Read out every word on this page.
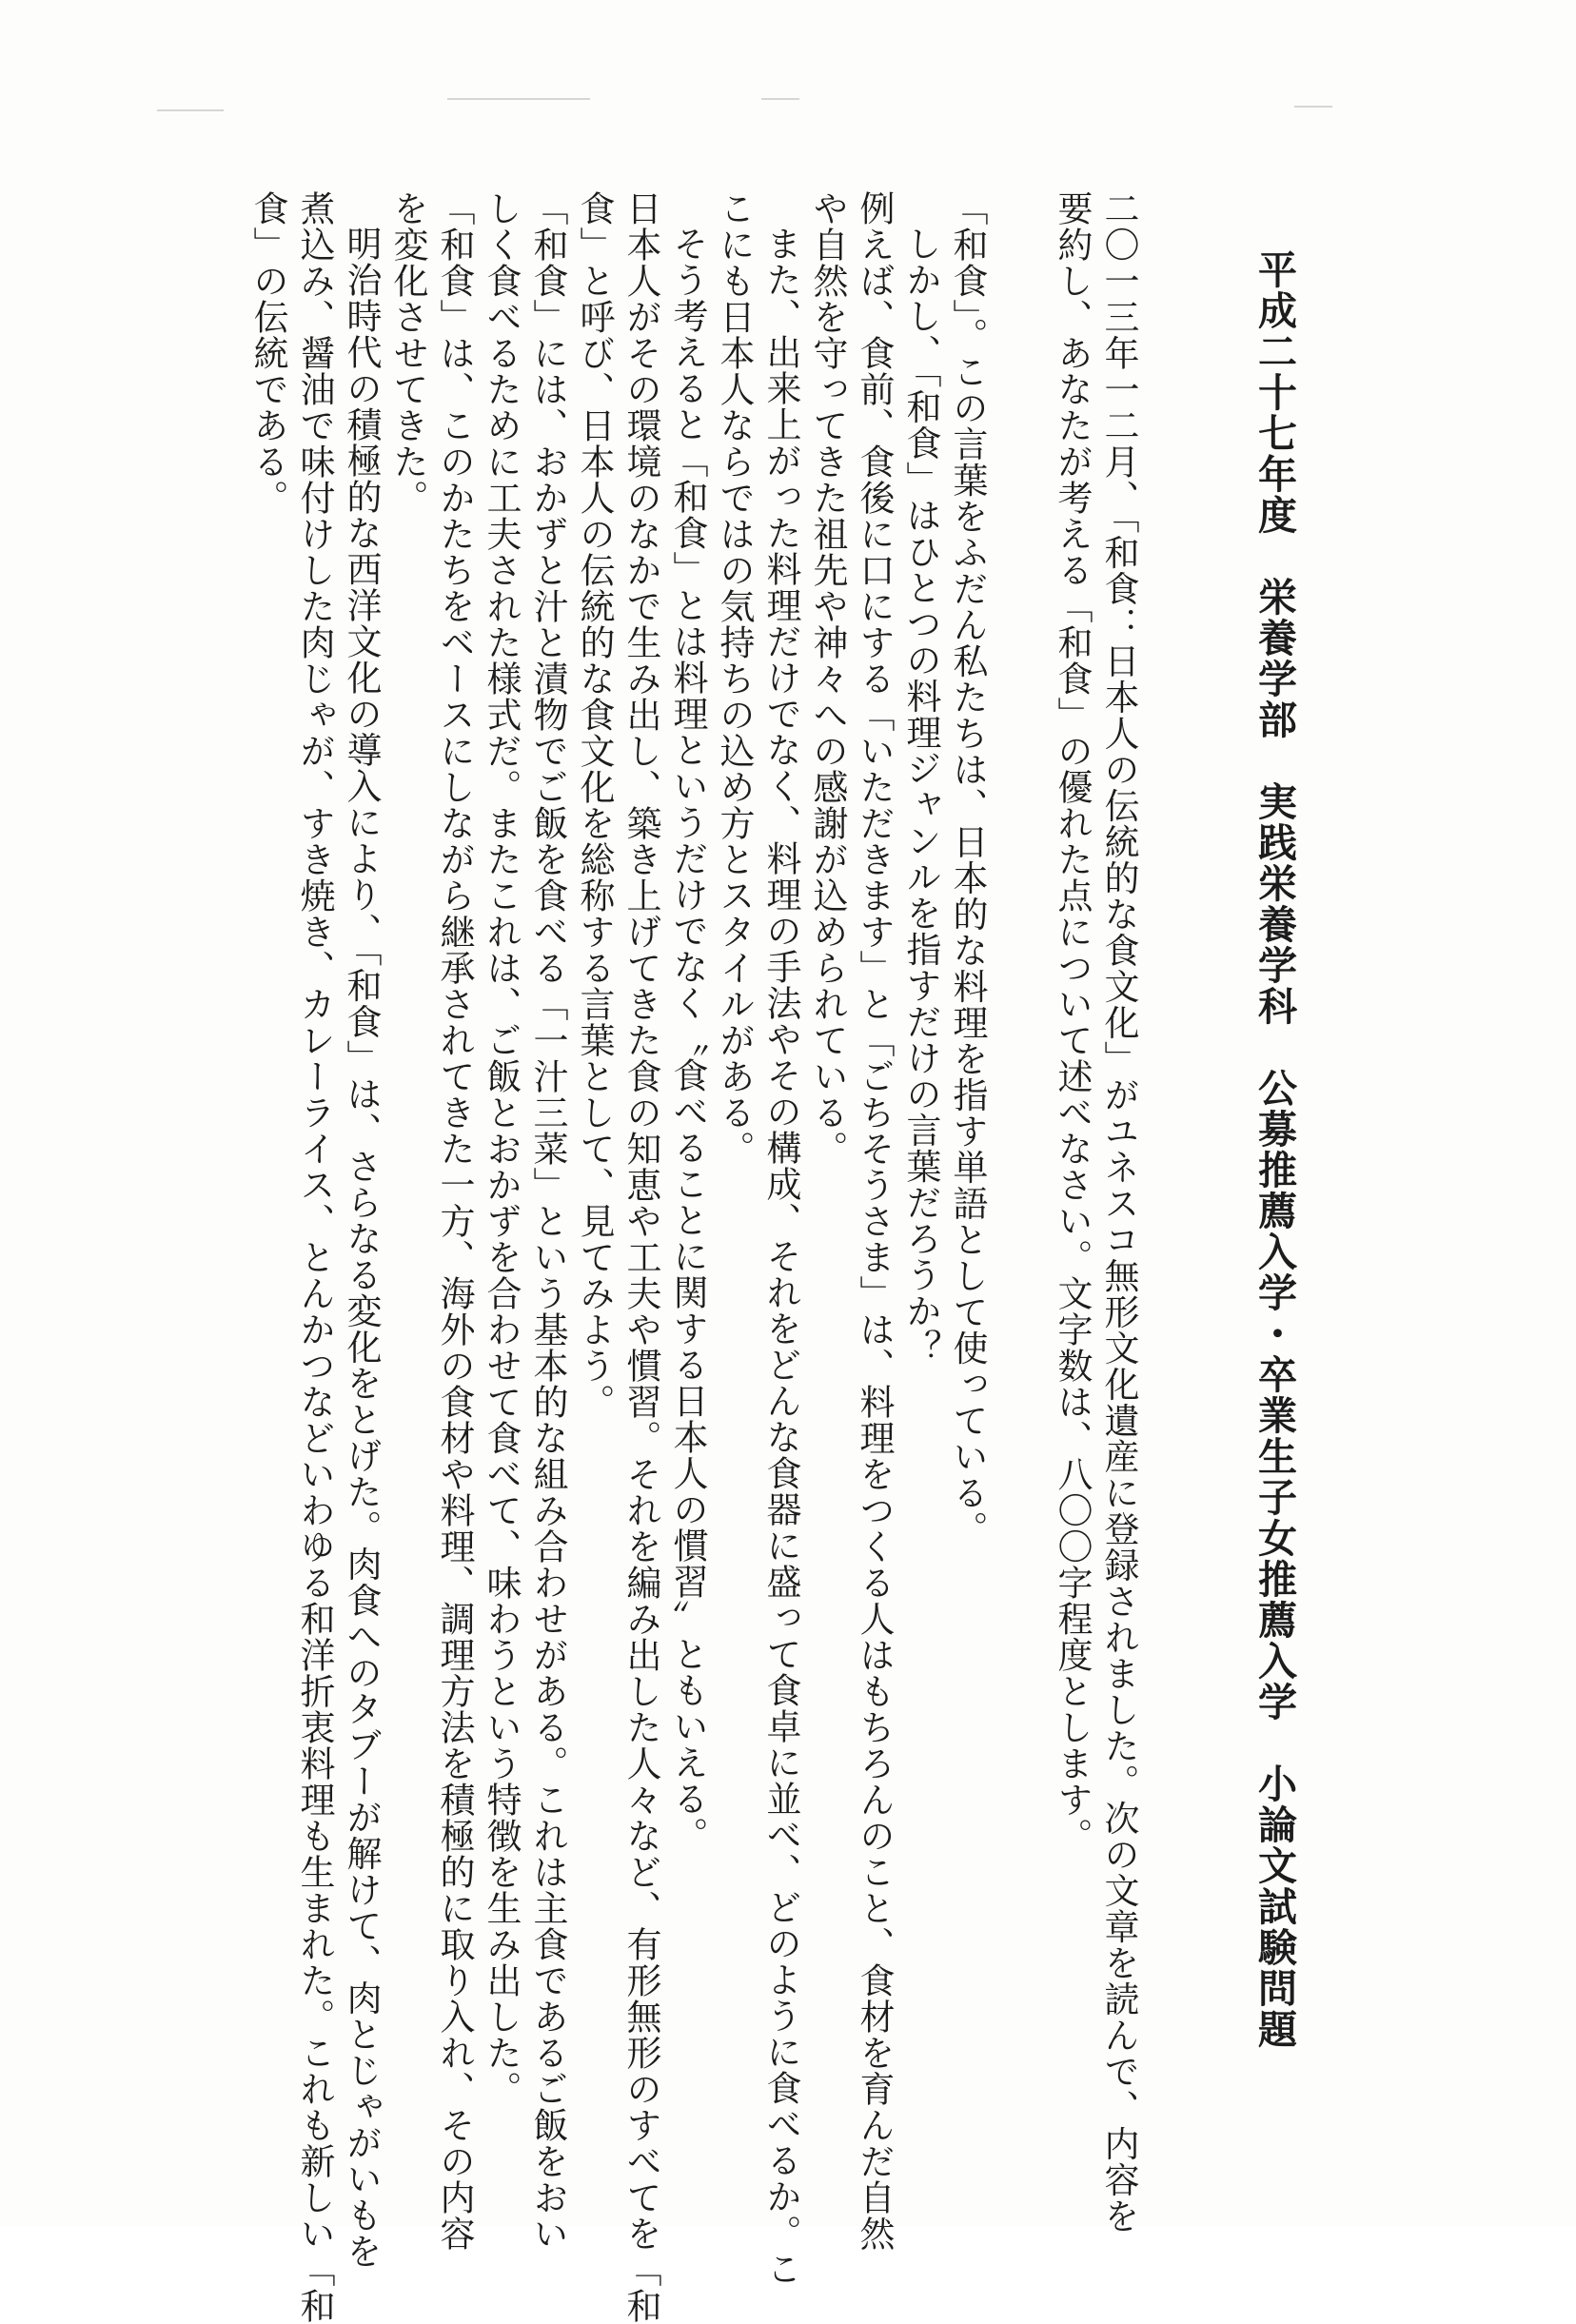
平成二十七年度　栄養学部　実践栄養学科　公募推薦入学・卒業生子女推薦入学　小論文試験問題
二〇一三年一二月、「和食：日本人の伝統的な食文化」がユネスコ無形文化遺産に登録されました。次の文章を読んで、内容を
要約し、あなたが考える「和食」の優れた点について述べなさい。文字数は、八〇〇字程度とします。
「和食」。この言葉をふだん私たちは、日本的な料理を指す単語として使っている。
しかし、「和食」はひとつの料理ジャンルを指すだけの言葉だろうか？
例えば、食前、食後に口にする「いただきます」と「ごちそうさま」は、料理をつくる人はもちろんのこと、食材を育んだ自然
や自然を守ってきた祖先や神々への感謝が込められている。
また、出来上がった料理だけでなく、料理の手法やその構成、それをどんな食器に盛って食卓に並べ、どのように食べるか。こ
こにも日本人ならではの気持ちの込め方とスタイルがある。
そう考えると「和食」とは料理というだけでなく〝食べることに関する日本人の慣習〟ともいえる。
日本人がその環境のなかで生み出し、築き上げてきた食の知恵や工夫や慣習。それを編み出した人々など、有形無形のすべてを「和
食」と呼び、日本人の伝統的な食文化を総称する言葉として、見てみよう。
「和食」には、おかずと汁と漬物でご飯を食べる「一汁三菜」という基本的な組み合わせがある。これは主食であるご飯をおい
しく食べるために工夫された様式だ。またこれは、ご飯とおかずを合わせて食べて、味わうという特徴を生み出した。
「和食」は、このかたちをベースにしながら継承されてきた一方、海外の食材や料理、調理方法を積極的に取り入れ、その内容
を変化させてきた。
明治時代の積極的な西洋文化の導入により、「和食」は、さらなる変化をとげた。肉食へのタブーが解けて、肉とじゃがいもを
煮込み、醤油で味付けした肉じゃが、すき焼き、カレーライス、とんかつなどいわゆる和洋折衷料理も生まれた。これも新しい「和
食」の伝統である。
